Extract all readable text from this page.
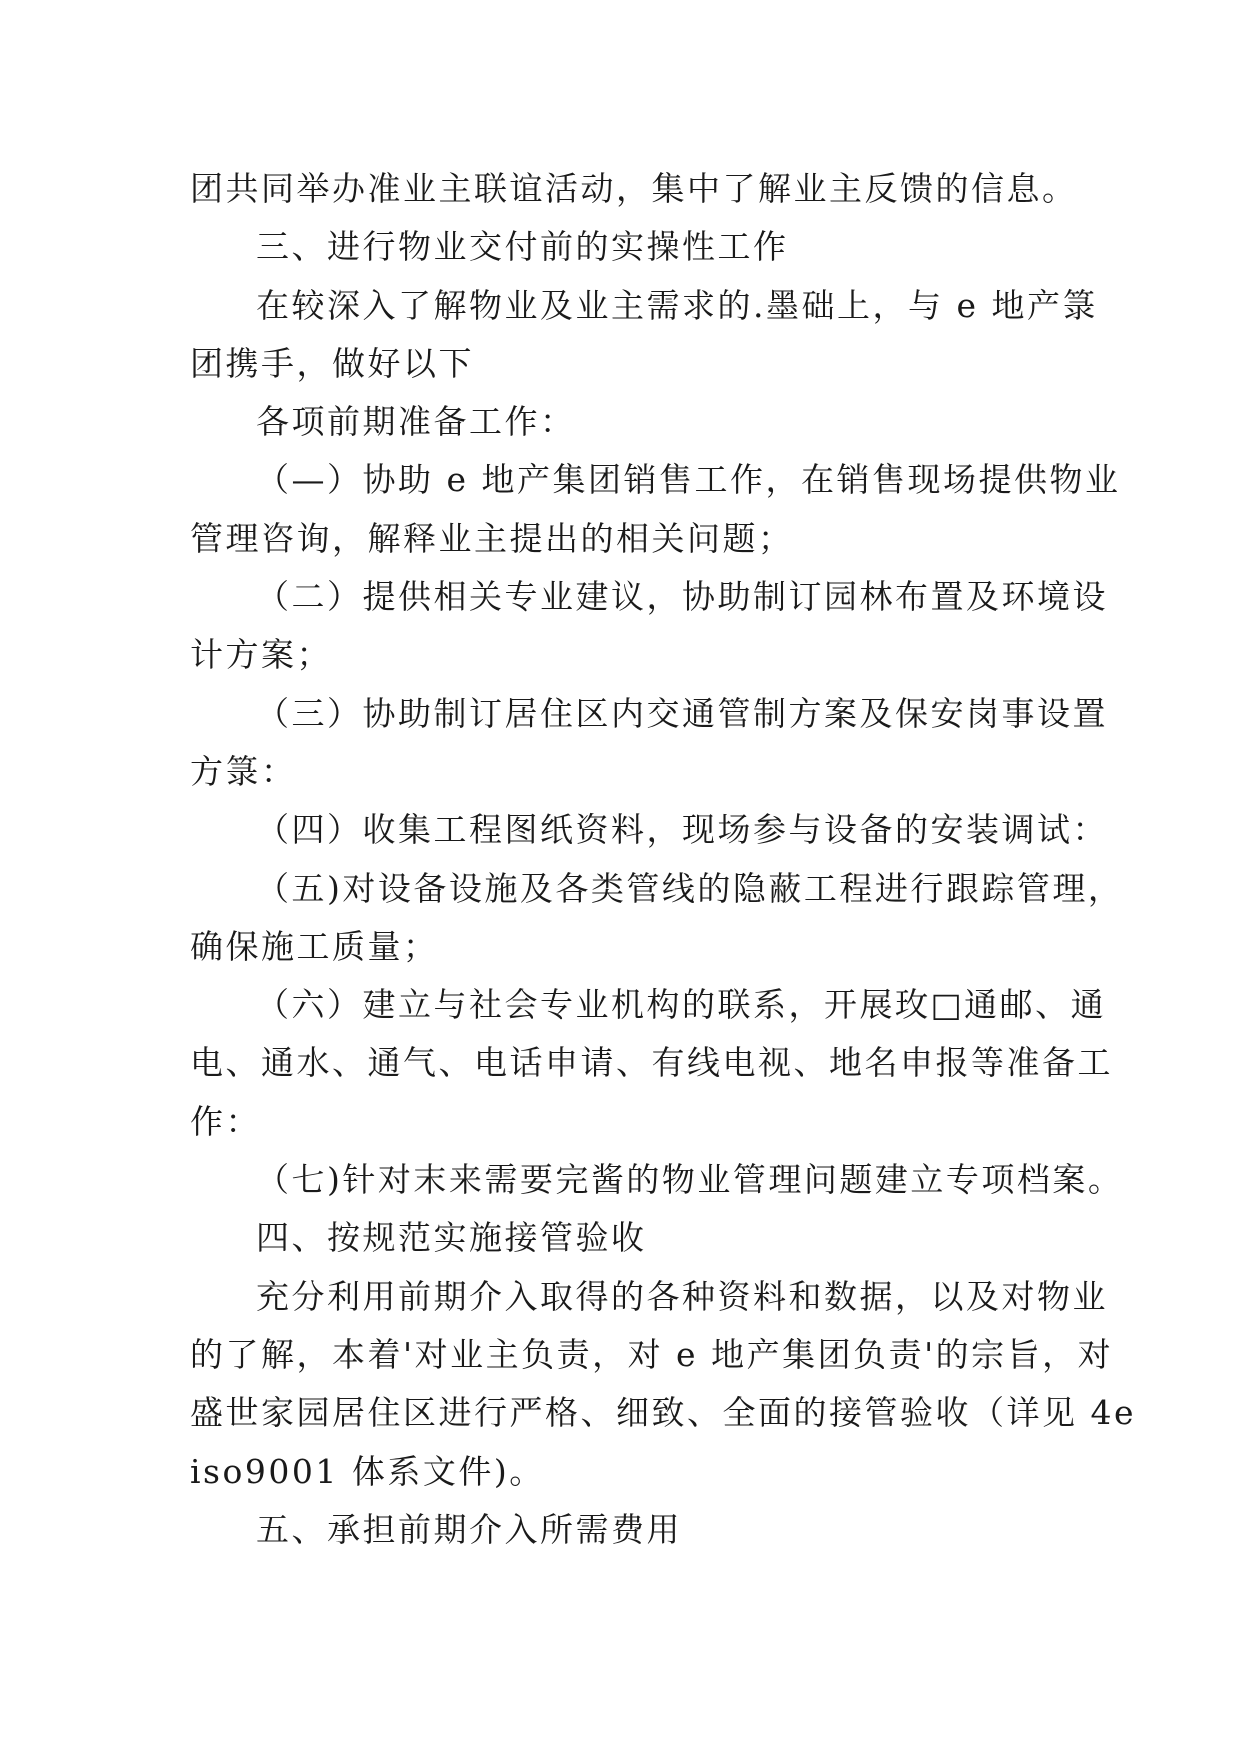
团共同举办准业主联谊活动，集中了解业主反馈的信息。

三、进行物业交付前的实操性工作

在较深入了解物业及业主需求的.墨础上，与 e 地产箓

团携手，做好以下

各项前期准备工作：

（—）协助 e 地产集团销售工作，在销售现场提供物业

管理咨询，解释业主提出的相关问题；

（二）提供相关专业建议，协助制订园林布置及环境设

计方案；

（三）协助制订居住区内交通管制方案及保安岗事设置

方箓：

（四）收集工程图纸资料，现场参与设备的安装调试：

（五)对设备设施及各类管线的隐蔽工程进行跟踪管理，

确保施工质量；

（六）建立与社会专业机构的联系，开展玫□通邮、通

电、通水、通气、电话申请、有线电视、地名申报等准备工

作：

（七)针对末来需要完酱的物业管理问题建立专项档案。

四、按规范实施接管验收

充分利用前期介入取得的各种资料和数据，以及对物业

的了解，本着'对业主负责，对 e 地产集团负责'的宗旨，对

盛世家园居住区进行严格、细致、全面的接管验收（详见 4e

iso9001 体系文件)。

五、承担前期介入所需费用
